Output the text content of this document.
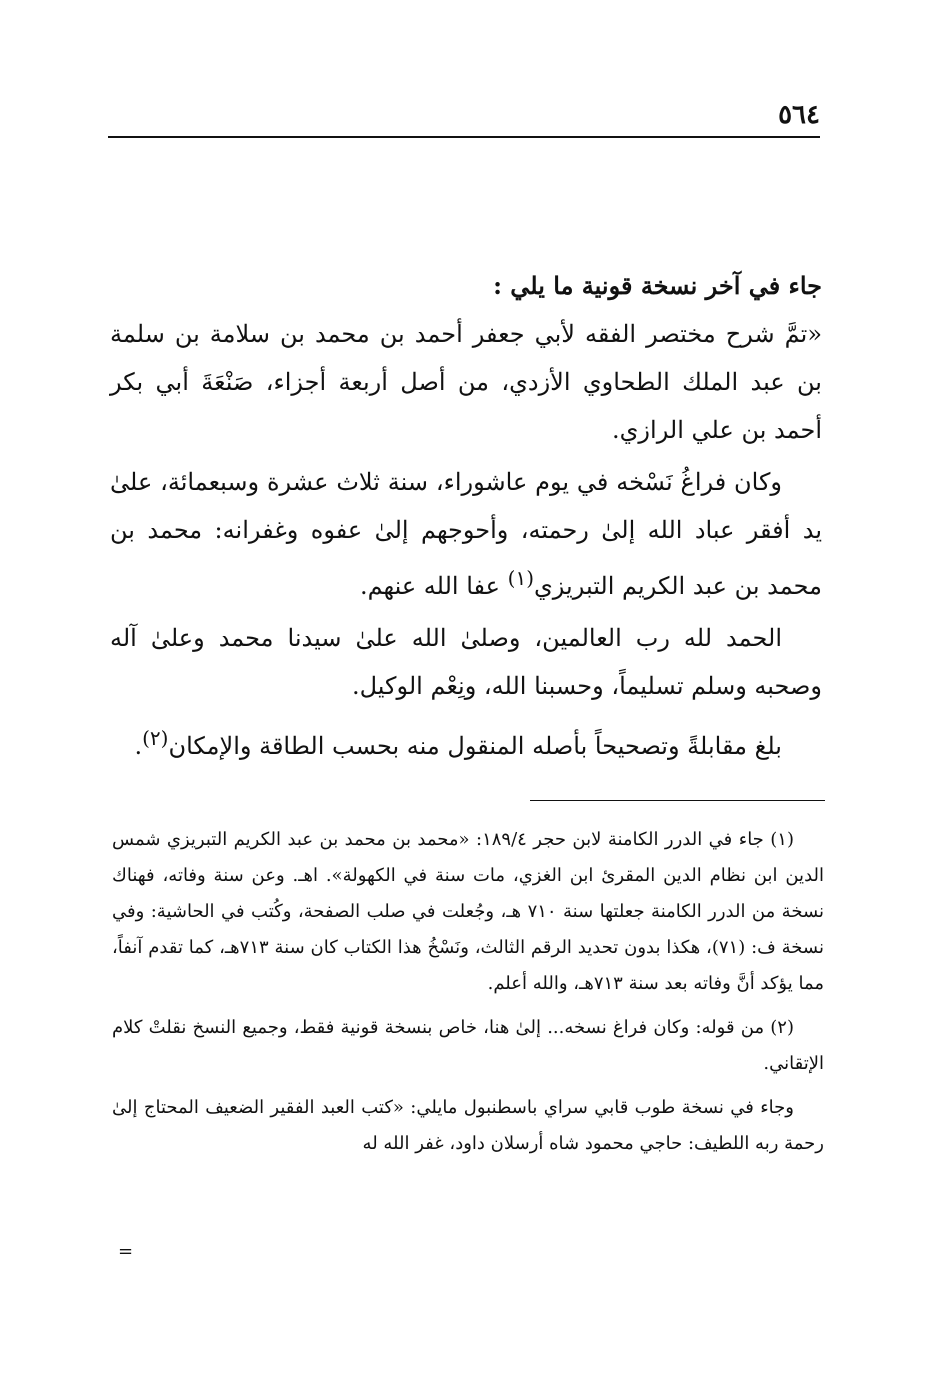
٥٦٤

جاء في آخر نسخة قونية ما يلي :

«تمَّ شرح مختصر الفقه لأبي جعفر أحمد بن محمد بن سلامة بن سلمة بن عبد الملك الطحاوي الأزدي، من أصل أربعة أجزاء، صَنْعَةَ أبي بكر أحمد بن علي الرازي.

وكان فراغُ نَسْخه في يوم عاشوراء، سنة ثلاث عشرة وسبعمائة، علىٰ يد أفقر عباد الله إلىٰ رحمته، وأحوجهم إلىٰ عفوه وغفرانه: محمد بن محمد بن عبد الكريم التبريزي$^{(١)}$ عفا الله عنهم.

الحمد لله رب العالمين، وصلىٰ الله علىٰ سيدنا محمد وعلىٰ آله وصحبه وسلم تسليماً، وحسبنا الله، ونِعْم الوكيل.

بلغ مقابلةً وتصحيحاً بأصله المنقول منه بحسب الطاقة والإمكان$^{(٢)}$.

(١) جاء في الدرر الكامنة لابن حجر ١٨٩/٤: «محمد بن محمد بن عبد الكريم التبريزي شمس الدين ابن نظام الدين المقرئ ابن الغزي، مات سنة في الكهولة». اهـ. وعن سنة وفاته، فهناك نسخة من الدرر الكامنة جعلتها سنة ٧١٠ هـ، وجُعلت في صلب الصفحة، وكُتب في الحاشية: وفي نسخة ف: (٧١)، هكذا بدون تحديد الرقم الثالث، ونَسْخُ هذا الكتاب كان سنة ٧١٣هـ، كما تقدم آنفاً، مما يؤكد أنَّ وفاته بعد سنة ٧١٣هـ، والله أعلم.

(٢) من قوله: وكان فراغ نسخه... إلىٰ هنا، خاص بنسخة قونية فقط، وجميع النسخ نقلتْ كلام الإتقاني.

وجاء في نسخة طوب قابي سراي باسطنبول مايلي: «كتب العبد الفقير الضعيف المحتاج إلىٰ رحمة ربه اللطيف: حاجي محمود شاه أرسلان داود، غفر الله له

=
